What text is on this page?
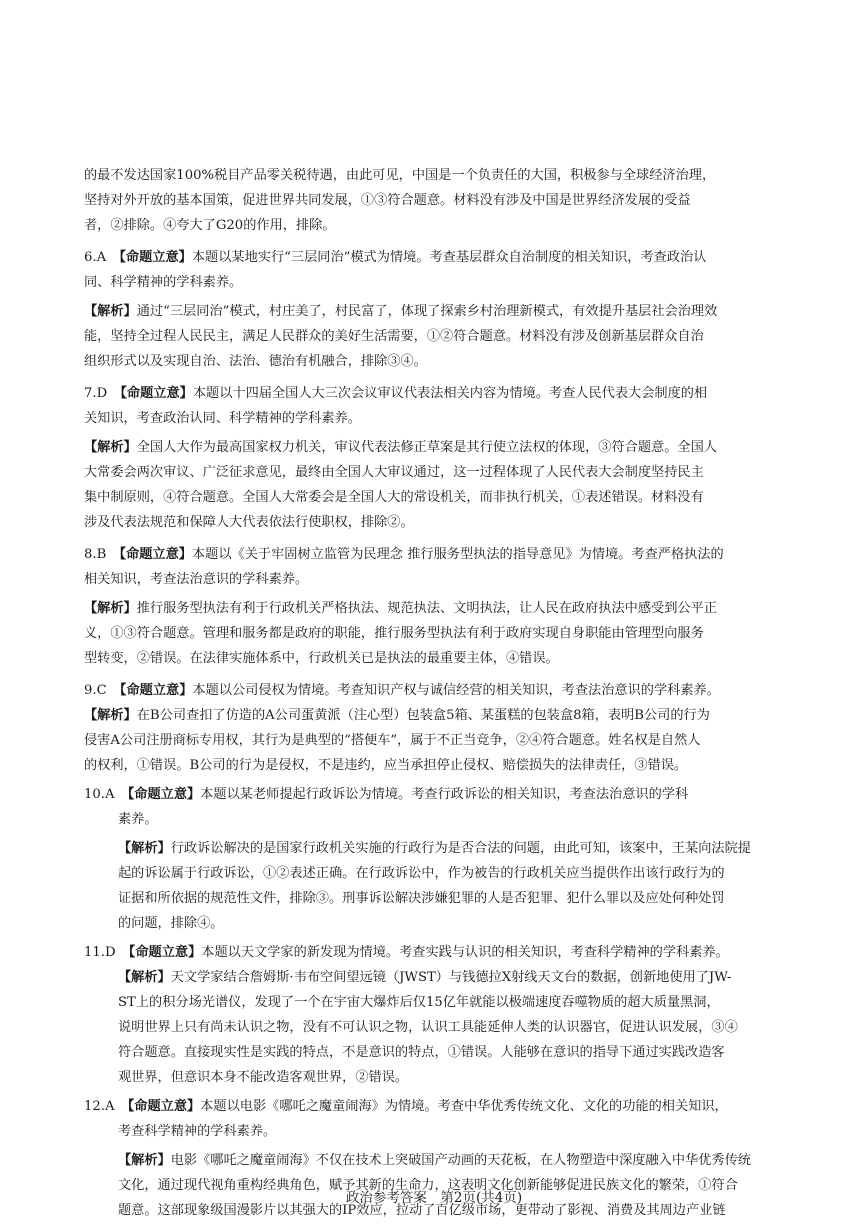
的最不发达国家100%税目产品零关税待遇，由此可见，中国是一个负责任的大国，积极参与全球经济治理，

坚持对外开放的基本国策，促进世界共同发展，①③符合题意。材料没有涉及中国是世界经济发展的受益

者，②排除。④夸大了G20的作用，排除。

6.A　 【命题立意】本题以某地实行“三层同治”模式为情境。考查基层群众自治制度的相关知识，考查政治认

同、科学精神的学科素养。

【解析】通过“三层同治”模式，村庄美了，村民富了，体现了探索乡村治理新模式，有效提升基层社会治理效

能，坚持全过程人民民主，满足人民群众的美好生活需要，①②符合题意。材料没有涉及创新基层群众自治

组织形式以及实现自治、法治、德治有机融合，排除③④。

7.D　 【命题立意】本题以十四届全国人大三次会议审议代表法相关内容为情境。考查人民代表大会制度的相

关知识，考查政治认同、科学精神的学科素养。

【解析】全国人大作为最高国家权力机关，审议代表法修正草案是其行使立法权的体现，③符合题意。全国人

大常委会两次审议、广泛征求意见，最终由全国人大审议通过，这一过程体现了人民代表大会制度坚持民主

集中制原则，④符合题意。全国人大常委会是全国人大的常设机关，而非执行机关，①表述错误。材料没有

涉及代表法规范和保障人大代表依法行使职权，排除②。

8.B　 【命题立意】本题以《关于牢固树立监管为民理念 推行服务型执法的指导意见》为情境。考查严格执法的

相关知识，考查法治意识的学科素养。

【解析】推行服务型执法有利于行政机关严格执法、规范执法、文明执法，让人民在政府执法中感受到公平正

义，①③符合题意。管理和服务都是政府的职能，推行服务型执法有利于政府实现自身职能由管理型向服务

型转变，②错误。在法律实施体系中，行政机关已是执法的最重要主体，④错误。

9.C　 【命题立意】本题以公司侵权为情境。考查知识产权与诚信经营的相关知识，考查法治意识的学科素养。

【解析】在B公司查扣了仿造的A公司蛋黄派（注心型）包装盒5箱、某蛋糕的包装盒8箱，表明B公司的行为

侵害A公司注册商标专用权，其行为是典型的“搭便车”，属于不正当竞争，②④符合题意。姓名权是自然人

的权利，①错误。B公司的行为是侵权，不是违约，应当承担停止侵权、赔偿损失的法律责任，③错误。

10.A　 【命题立意】本题以某老师提起行政诉讼为情境。考查行政诉讼的相关知识，考查法治意识的学科

素养。

【解析】行政诉讼解决的是国家行政机关实施的行政行为是否合法的问题，由此可知，该案中，王某向法院提

起的诉讼属于行政诉讼，①②表述正确。在行政诉讼中，作为被告的行政机关应当提供作出该行政行为的

证据和所依据的规范性文件，排除③。刑事诉讼解决涉嫌犯罪的人是否犯罪、犯什么罪以及应处何种处罚

的问题，排除④。

11.D　 【命题立意】本题以天文学家的新发现为情境。考查实践与认识的相关知识，考查科学精神的学科素养。

【解析】天文学家结合詹姆斯·韦布空间望远镜（JWST）与钱德拉X射线天文台的数据，创新地使用了JW-

ST上的积分场光谱仪，发现了一个在宇宙大爆炸后仅15亿年就能以极端速度吞噬物质的超大质量黑洞，

说明世界上只有尚未认识之物，没有不可认识之物，认识工具能延伸人类的认识器官，促进认识发展，③④

符合题意。直接现实性是实践的特点，不是意识的特点，①错误。人能够在意识的指导下通过实践改造客

观世界，但意识本身不能改造客观世界，②错误。

12.A　 【命题立意】本题以电影《哪吒之魔童闹海》为情境。考查中华优秀传统文化、文化的功能的相关知识，

考查科学精神的学科素养。

【解析】电影《哪吒之魔童闹海》不仅在技术上突破国产动画的天花板，在人物塑造中深度融入中华优秀传统

文化，通过现代视角重构经典角色，赋予其新的生命力，这表明文化创新能够促进民族文化的繁荣，①符合

题意。这部现象级国漫影片以其强大的IP效应，拉动了百亿级市场，更带动了影视、消费及其周边产业链

政治参考答案　第2页(共4页)
